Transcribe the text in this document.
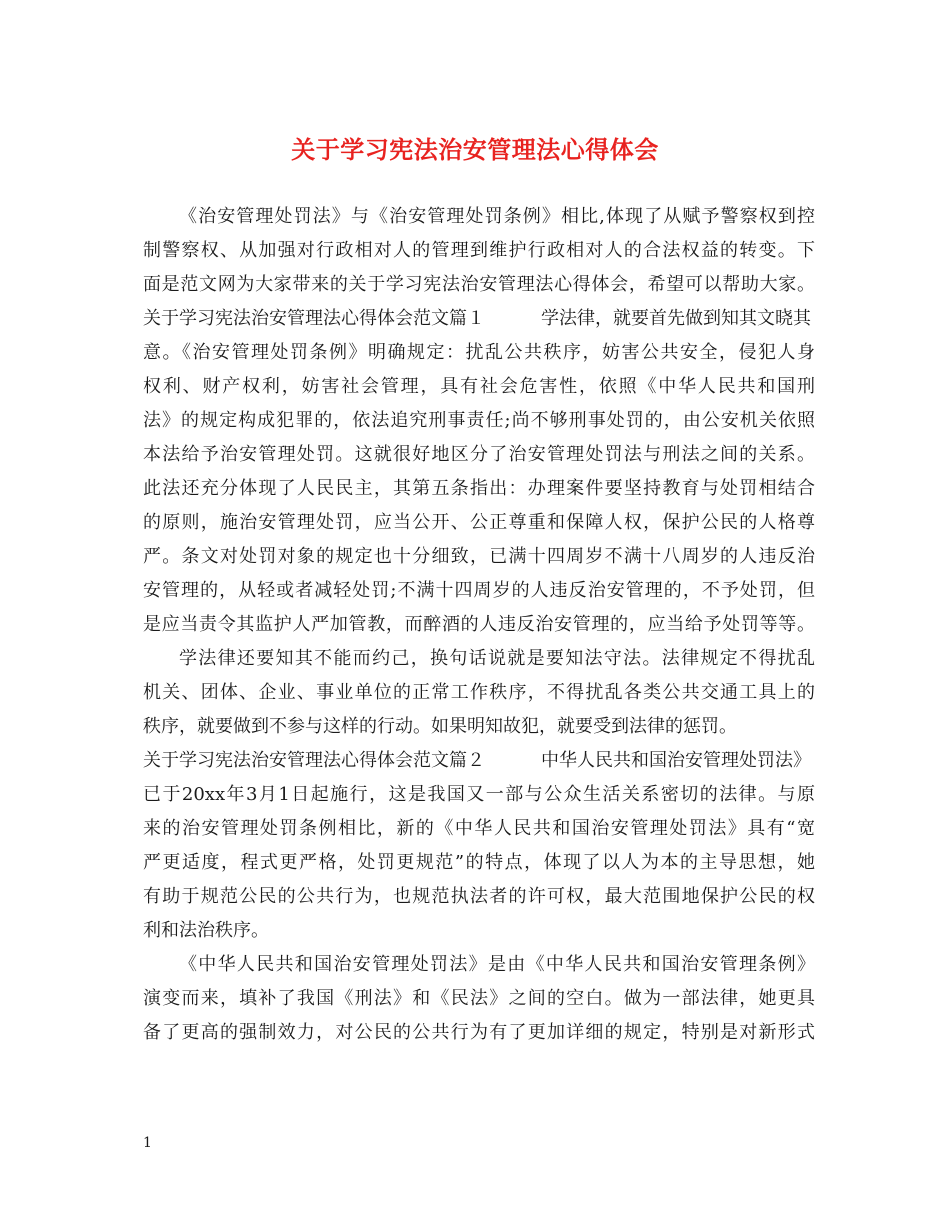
关于学习宪法治安管理法心得体会
《治安管理处罚法》与《治安管理处罚条例》相比,体现了从赋予警察权到控
制警察权、从加强对行政相对人的管理到维护行政相对人的合法权益的转变。下
面是范文网为大家带来的关于学习宪法治安管理法心得体会，希望可以帮助大家。
关于学习宪法治安管理法心得体会范文篇１	学法律，就要首先做到知其文晓其
意。《治安管理处罚条例》明确规定：扰乱公共秩序，妨害公共安全，侵犯人身
权利、财产权利，妨害社会管理，具有社会危害性，依照《中华人民共和国刑
法》的规定构成犯罪的，依法追究刑事责任;尚不够刑事处罚的，由公安机关依照
本法给予治安管理处罚。这就很好地区分了治安管理处罚法与刑法之间的关系。
此法还充分体现了人民民主，其第五条指出：办理案件要坚持教育与处罚相结合
的原则，施治安管理处罚，应当公开、公正尊重和保障人权，保护公民的人格尊
严。条文对处罚对象的规定也十分细致，已满十四周岁不满十八周岁的人违反治
安管理的，从轻或者减轻处罚;不满十四周岁的人违反治安管理的，不予处罚，但
是应当责令其监护人严加管教，而醉酒的人违反治安管理的，应当给予处罚等等。
学法律还要知其不能而约己，换句话说就是要知法守法。法律规定不得扰乱
机关、团体、企业、事业单位的正常工作秩序，不得扰乱各类公共交通工具上的
秩序，就要做到不参与这样的行动。如果明知故犯，就要受到法律的惩罚。
关于学习宪法治安管理法心得体会范文篇２	中华人民共和国治安管理处罚法》
已于20xx年3月1日起施行，这是我国又一部与公众生活关系密切的法律。与原
来的治安管理处罚条例相比，新的《中华人民共和国治安管理处罚法》具有“宽
严更适度，程式更严格，处罚更规范”的特点，体现了以人为本的主导思想，她
有助于规范公民的公共行为，也规范执法者的许可权，最大范围地保护公民的权
利和法治秩序。
《中华人民共和国治安管理处罚法》是由《中华人民共和国治安管理条例》
演变而来，填补了我国《刑法》和《民法》之间的空白。做为一部法律，她更具
备了更高的强制效力，对公民的公共行为有了更加详细的规定，特别是对新形式
1
